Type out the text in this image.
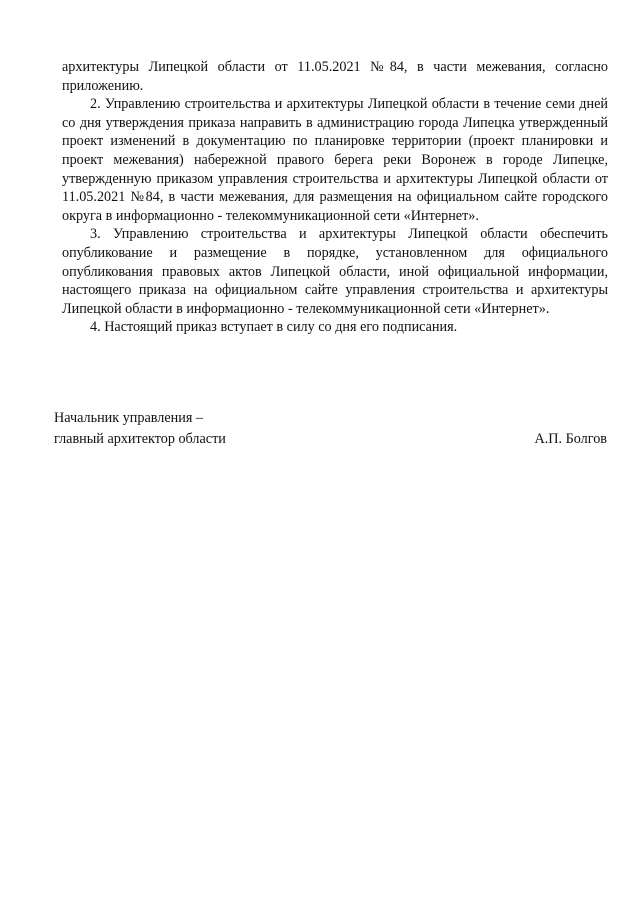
архитектуры Липецкой области от 11.05.2021 №84, в части межевания, согласно приложению.

2. Управлению строительства и архитектуры Липецкой области в течение семи дней со дня утверждения приказа направить в администрацию города Липецка утвержденный проект изменений в документацию по планировке территории (проект планировки и проект межевания) набережной правого берега реки Воронеж в городе Липецке, утвержденную приказом управления строительства и архитектуры Липецкой области от 11.05.2021 №84, в части межевания, для размещения на официальном сайте городского округа в информационно - телекоммуникационной сети «Интернет».

3. Управлению строительства и архитектуры Липецкой области обеспечить опубликование и размещение в порядке, установленном для официального опубликования правовых актов Липецкой области, иной официальной информации, настоящего приказа на официальном сайте управления строительства и архитектуры Липецкой области в информационно - телекоммуникационной сети «Интернет».

4. Настоящий приказ вступает в силу со дня его подписания.

Начальник управления –
главный архитектор области	А.П. Болгов
